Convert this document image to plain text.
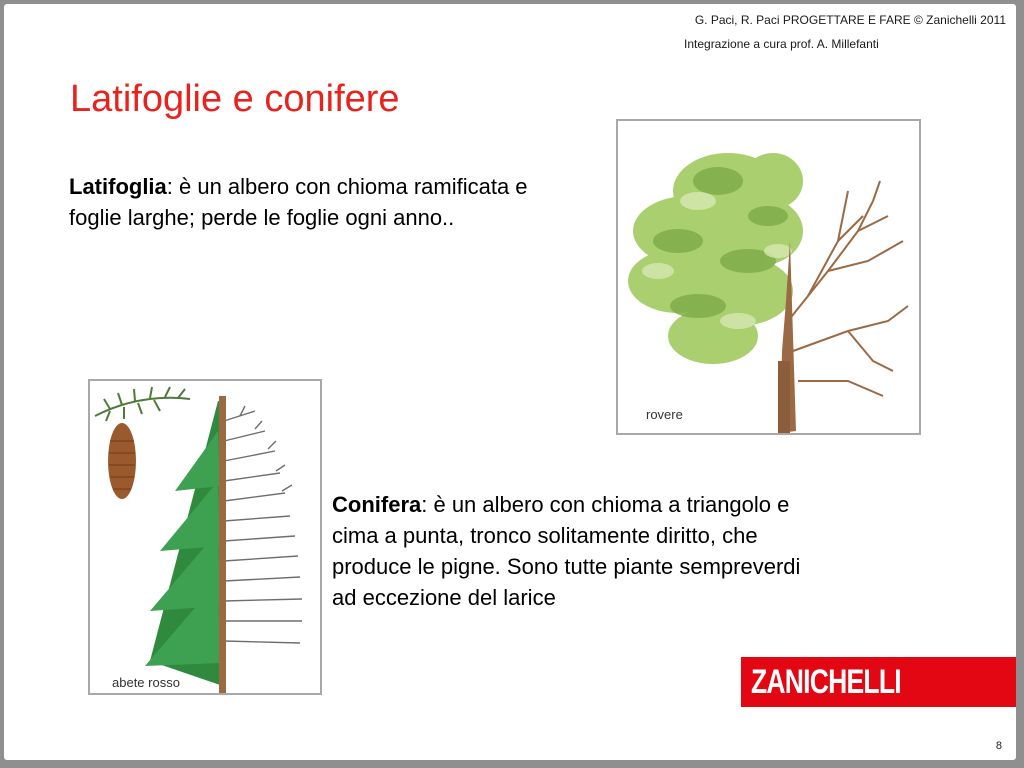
G. Paci, R. Paci PROGETTARE E FARE © Zanichelli 2011
Integrazione a cura prof. A. Millefanti
Latifoglie e conifere
Latifoglia: è un albero con chioma ramificata e foglie larghe; perde le foglie ogni anno..
rovere
abete rosso
Conifera: è un albero con chioma a triangolo e cima a punta, tronco solitamente diritto, che produce le pigne. Sono tutte piante sempreverdi ad eccezione del larice
ZANICHELLI
8
